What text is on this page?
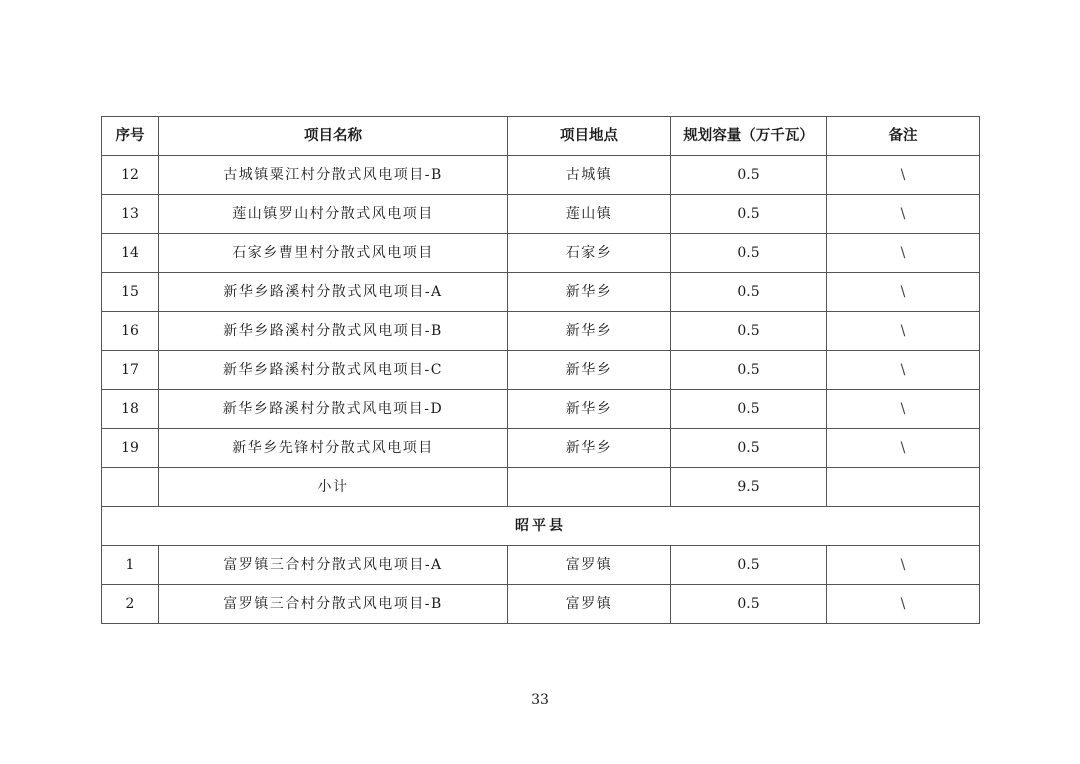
序号	项目名称	项目地点	规划容量（万千瓦）	备注
12	古城镇粟江村分散式风电项目-B	古城镇	0.5	\
13	莲山镇罗山村分散式风电项目	莲山镇	0.5	\
14	石家乡曹里村分散式风电项目	石家乡	0.5	\
15	新华乡路溪村分散式风电项目-A	新华乡	0.5	\
16	新华乡路溪村分散式风电项目-B	新华乡	0.5	\
17	新华乡路溪村分散式风电项目-C	新华乡	0.5	\
18	新华乡路溪村分散式风电项目-D	新华乡	0.5	\
19	新华乡先锋村分散式风电项目	新华乡	0.5	\
	小计		9.5	
昭平县				
1	富罗镇三合村分散式风电项目-A	富罗镇	0.5	\
2	富罗镇三合村分散式风电项目-B	富罗镇	0.5	\
33
